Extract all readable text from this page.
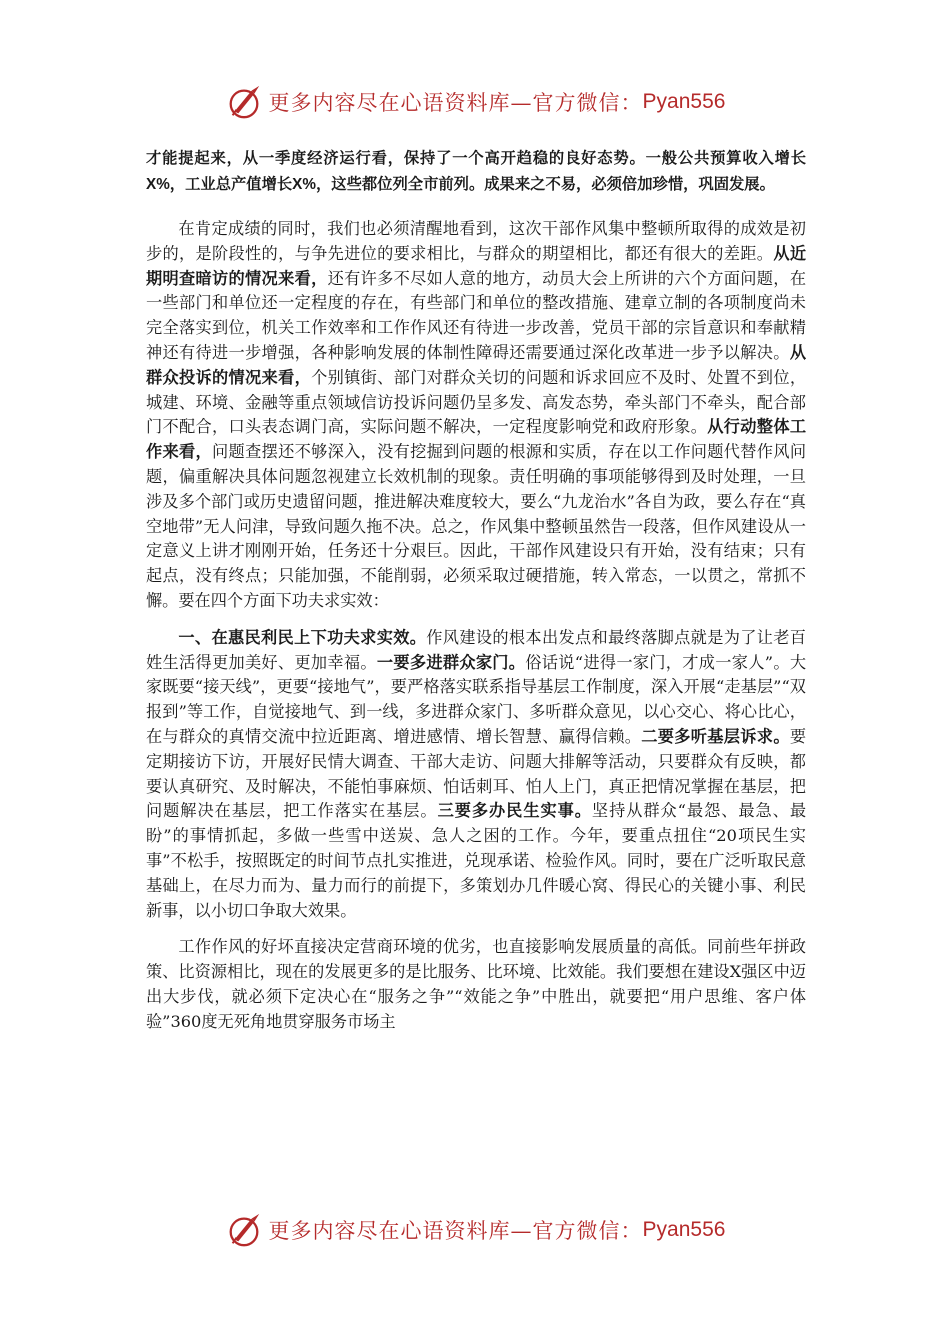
更多内容尽在心语资料库—官方微信： Pyan556

才能提起来，从一季度经济运行看，保持了一个高开趋稳的良好态势。一般公共预算收入增长X%，工业总产值增长X%，这些都位列全市前列。成果来之不易，必须倍加珍惜，巩固发展。

在肯定成绩的同时，我们也必须清醒地看到，这次干部作风集中整顿所取得的成效是初步的，是阶段性的，与争先进位的要求相比，与群众的期望相比，都还有很大的差距。从近期明查暗访的情况来看，还有许多不尽如人意的地方，动员大会上所讲的六个方面问题，在一些部门和单位还一定程度的存在，有些部门和单位的整改措施、建章立制的各项制度尚未完全落实到位，机关工作效率和工作作风还有待进一步改善，党员干部的宗旨意识和奉献精神还有待进一步增强，各种影响发展的体制性障碍还需要通过深化改革进一步予以解决。从群众投诉的情况来看，个别镇街、部门对群众关切的问题和诉求回应不及时、处置不到位，城建、环境、金融等重点领域信访投诉问题仍呈多发、高发态势，牵头部门不牵头，配合部门不配合，口头表态调门高，实际问题不解决，一定程度影响党和政府形象。从行动整体工作来看，问题查摆还不够深入，没有挖掘到问题的根源和实质，存在以工作问题代替作风问题，偏重解决具体问题忽视建立长效机制的现象。责任明确的事项能够得到及时处理，一旦涉及多个部门或历史遗留问题，推进解决难度较大，要么“九龙治水”各自为政，要么存在“真空地带”无人问津，导致问题久拖不决。总之，作风集中整顿虽然告一段落，但作风建设从一定意义上讲才刚刚开始，任务还十分艰巨。因此，干部作风建设只有开始，没有结束；只有起点，没有终点；只能加强，不能削弱，必须采取过硬措施，转入常态，一以贯之，常抓不懈。要在四个方面下功夫求实效：

一、在惠民利民上下功夫求实效。作风建设的根本出发点和最终落脚点就是为了让老百姓生活得更加美好、更加幸福。一要多进群众家门。俗话说“进得一家门，才成一家人”。大家既要“接天线”，更要“接地气”，要严格落实联系指导基层工作制度，深入开展“走基层”“双报到”等工作，自觉接地气、到一线，多进群众家门、多听群众意见，以心交心、将心比心，在与群众的真情交流中拉近距离、增进感情、增长智慧、赢得信赖。二要多听基层诉求。要定期接访下访，开展好民情大调查、干部大走访、问题大排解等活动，只要群众有反映，都要认真研究、及时解决，不能怕事麻烦、怕话刺耳、怕人上门，真正把情况掌握在基层，把问题解决在基层，把工作落实在基层。三要多办民生实事。坚持从群众“最怨、最急、最盼”的事情抓起，多做一些雪中送炭、急人之困的工作。今年，要重点扭住“20项民生实事”不松手，按照既定的时间节点扎实推进，兑现承诺、检验作风。同时，要在广泛听取民意基础上，在尽力而为、量力而行的前提下，多策划办几件暖心窝、得民心的关键小事、利民新事，以小切口争取大效果。

工作作风的好坏直接决定营商环境的优劣，也直接影响发展质量的高低。同前些年拼政策、比资源相比，现在的发展更多的是比服务、比环境、比效能。我们要想在建设X强区中迈出大步伐，就必须下定决心在“服务之争”“效能之争”中胜出，就要把“用户思维、客户体验”360度无死角地贯穿服务市场主

更多内容尽在心语资料库—官方微信： Pyan556
